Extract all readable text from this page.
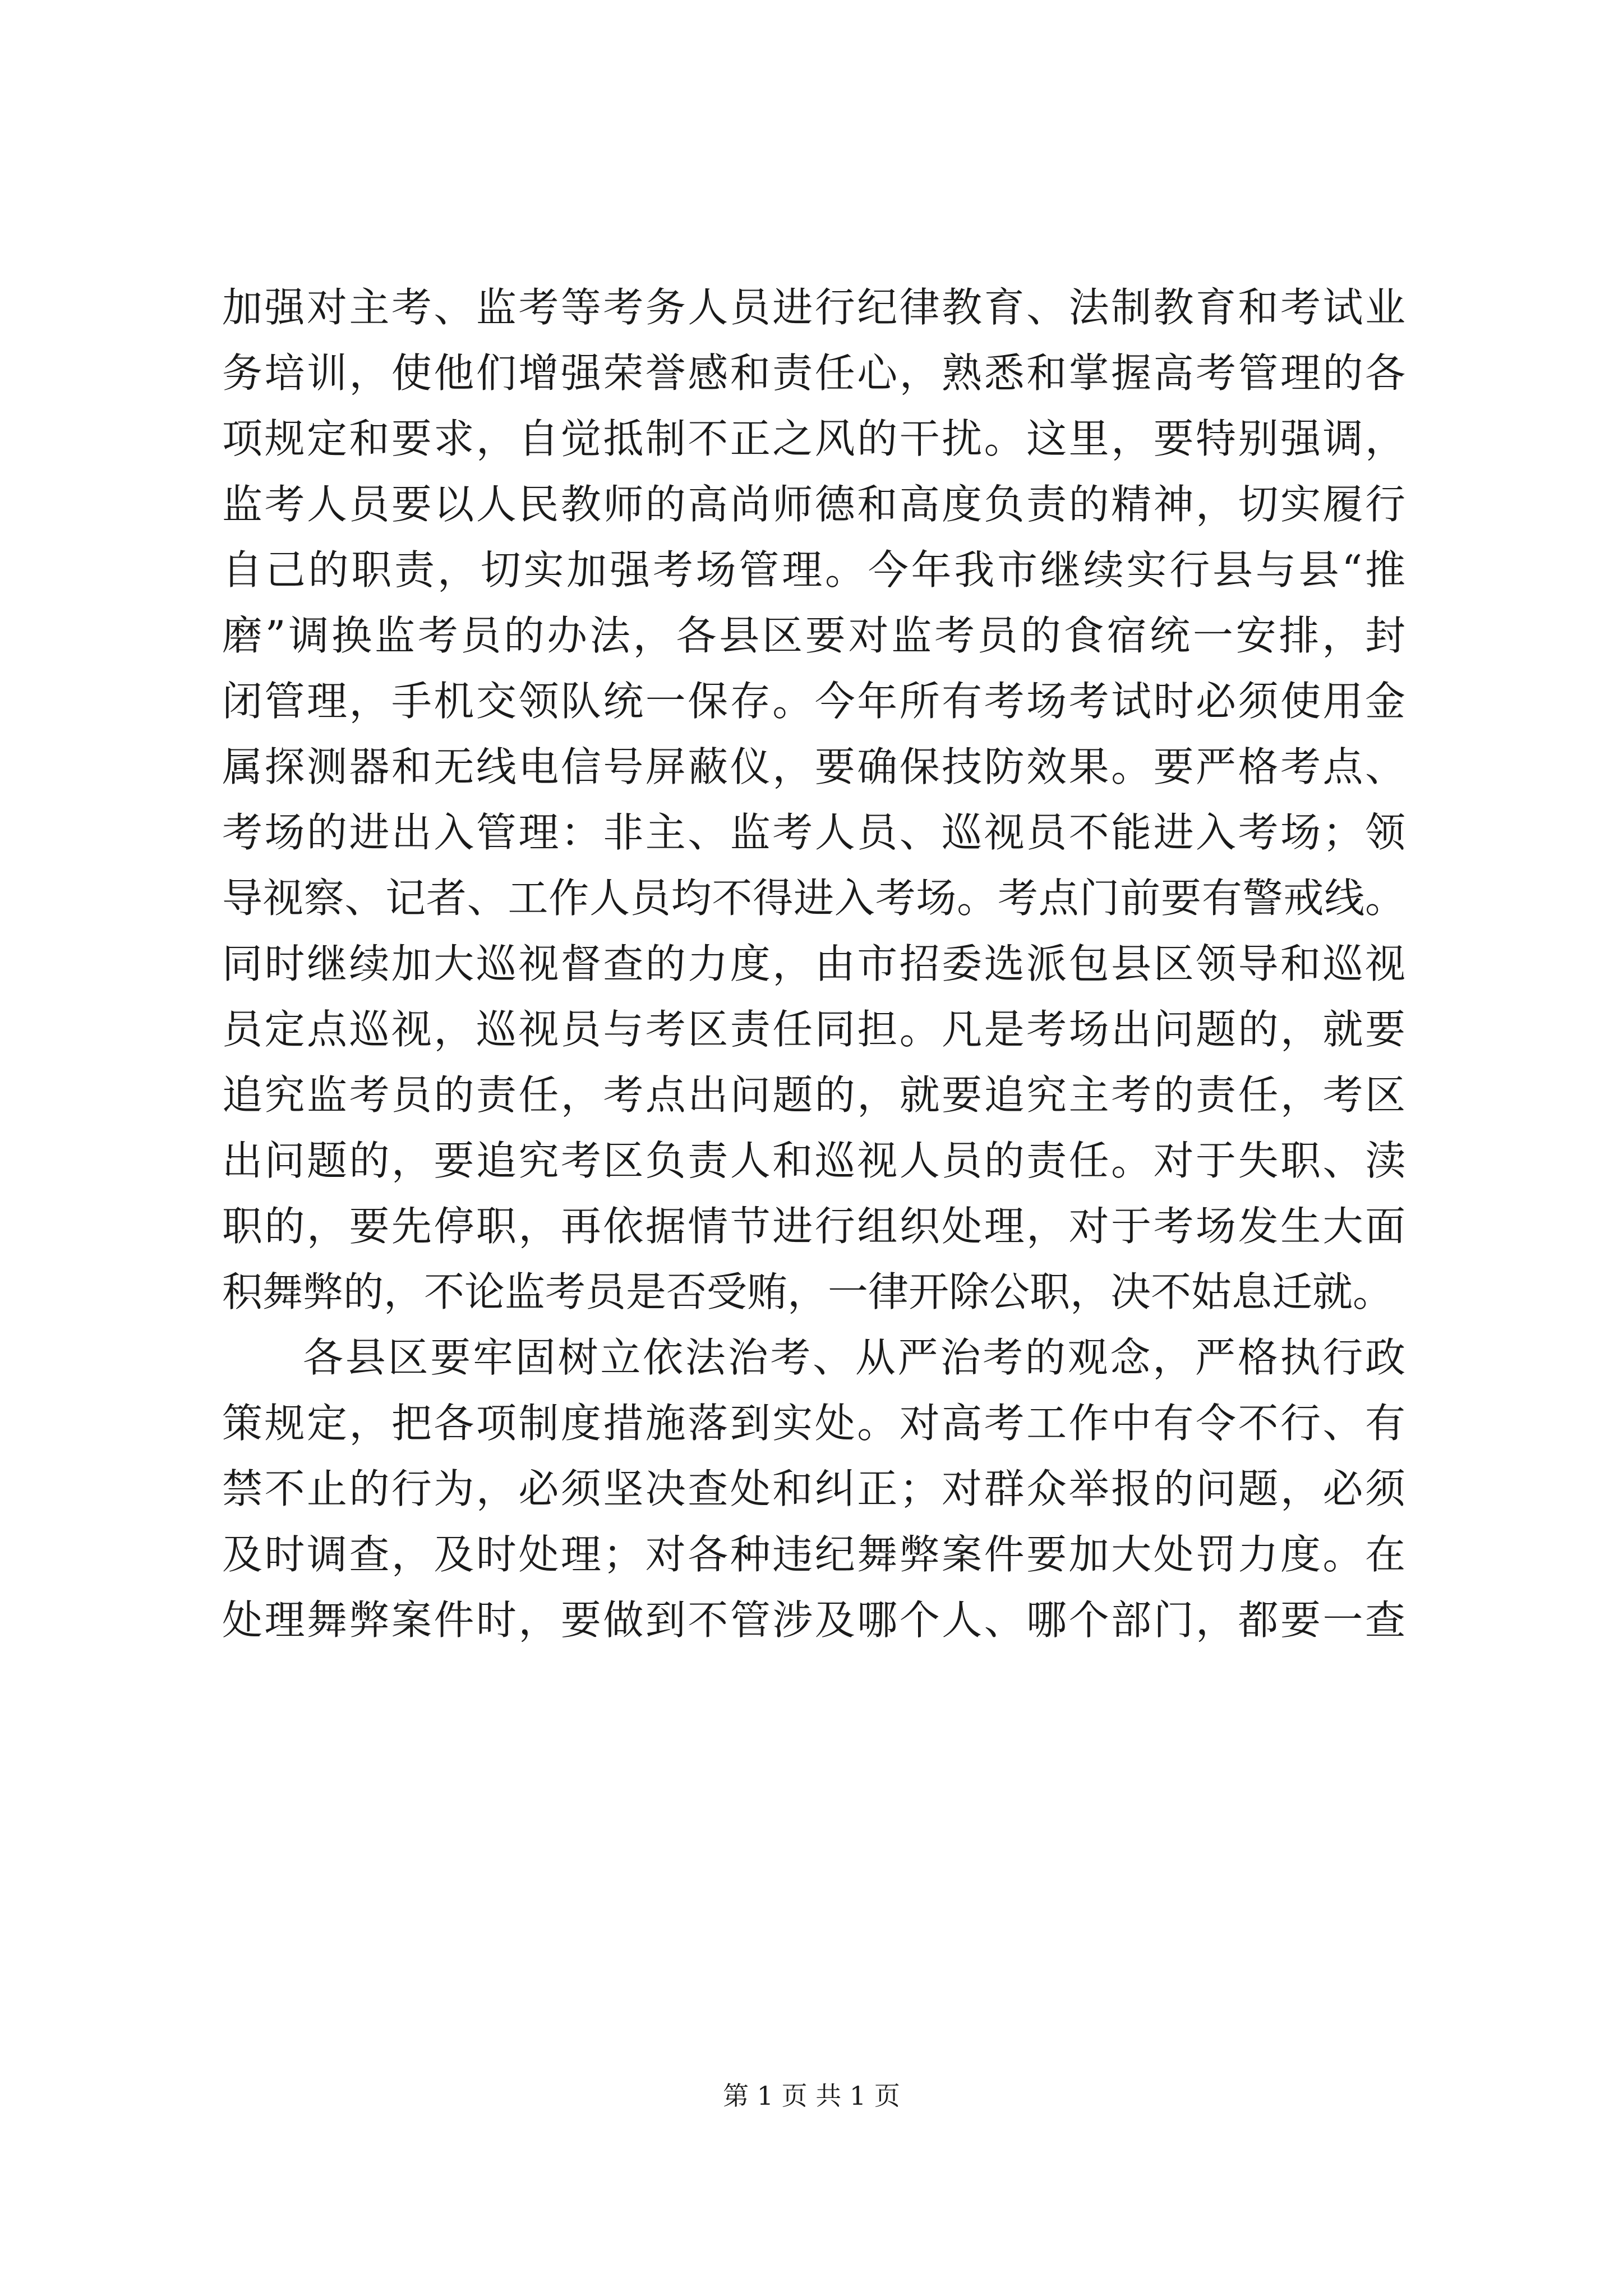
加强对主考、监考等考务人员进行纪律教育、法制教育和考试业
务培训，使他们增强荣誉感和责任心，熟悉和掌握高考管理的各
项规定和要求，自觉抵制不正之风的干扰。这里，要特别强调，
监考人员要以人民教师的高尚师德和高度负责的精神，切实履行
自己的职责，切实加强考场管理。今年我市继续实行县与县“推
磨”调换监考员的办法，各县区要对监考员的食宿统一安排，封
闭管理，手机交领队统一保存。今年所有考场考试时必须使用金
属探测器和无线电信号屏蔽仪，要确保技防效果。要严格考点、
考场的进出入管理：非主、监考人员、巡视员不能进入考场；领
导视察、记者、工作人员均不得进入考场。考点门前要有警戒线。
同时继续加大巡视督查的力度，由市招委选派包县区领导和巡视
员定点巡视，巡视员与考区责任同担。凡是考场出问题的，就要
追究监考员的责任，考点出问题的，就要追究主考的责任，考区
出问题的，要追究考区负责人和巡视人员的责任。对于失职、渎
职的，要先停职，再依据情节进行组织处理，对于考场发生大面
积舞弊的，不论监考员是否受贿，一律开除公职，决不姑息迁就。
各县区要牢固树立依法治考、从严治考的观念，严格执行政
策规定，把各项制度措施落到实处。对高考工作中有令不行、有
禁不止的行为，必须坚决查处和纠正；对群众举报的问题，必须
及时调查，及时处理；对各种违纪舞弊案件要加大处罚力度。在
处理舞弊案件时，要做到不管涉及哪个人、哪个部门，都要一查
第 1 页 共 1 页
